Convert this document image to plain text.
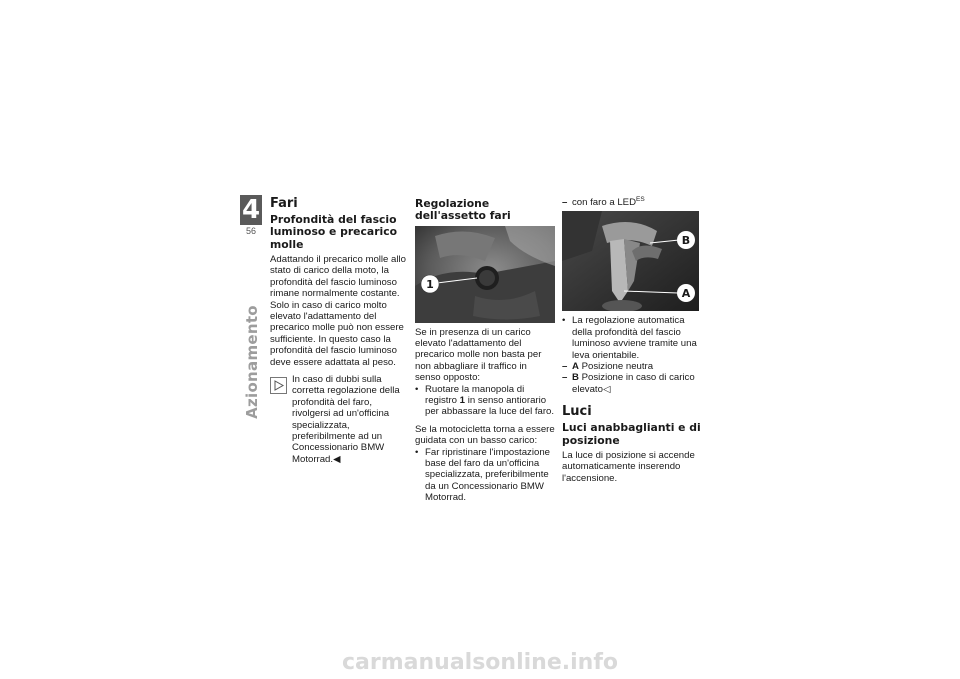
4
56
Azionamento
Fari
Profondità del fascio luminoso e precarico molle

Adattando il precarico molle allo stato di carico della moto, la profondità del fascio luminoso rimane normalmente costante.

Solo in caso di carico molto elevato l'adattamento del precarico molle può non essere sufficiente. In questo caso la profondità del fascio luminoso deve essere adattata al peso.

In caso di dubbi sulla corretta regolazione della profondità del faro, rivolgersi ad un'officina specializzata, preferibilmente ad un Concessionario BMW Motorrad.◀

Regolazione dell'assetto fari
1

Se in presenza di un carico elevato l'adattamento del precarico molle non basta per non abbagliare il traffico in senso opposto:

• Ruotare la manopola di registro 1 in senso antiorario per abbassare la luce del faro.

Se la motocicletta torna a essere guidata con un basso carico:

• Far ripristinare l'impostazione base del faro da un'officina specializzata, preferibilmente da un Concessionario BMW Motorrad.
– con faro a $LED^{ES}$
B
A
• La regolazione automatica della profondità del fascio luminoso avviene tramite una leva orientabile.
– A Posizione neutra
– B Posizione in caso di carico elevato◁
Luci
Luci anabbaglianti e di posizione

La luce di posizione si accende automaticamente inserendo l'accensione.

carmanualsonline.info
